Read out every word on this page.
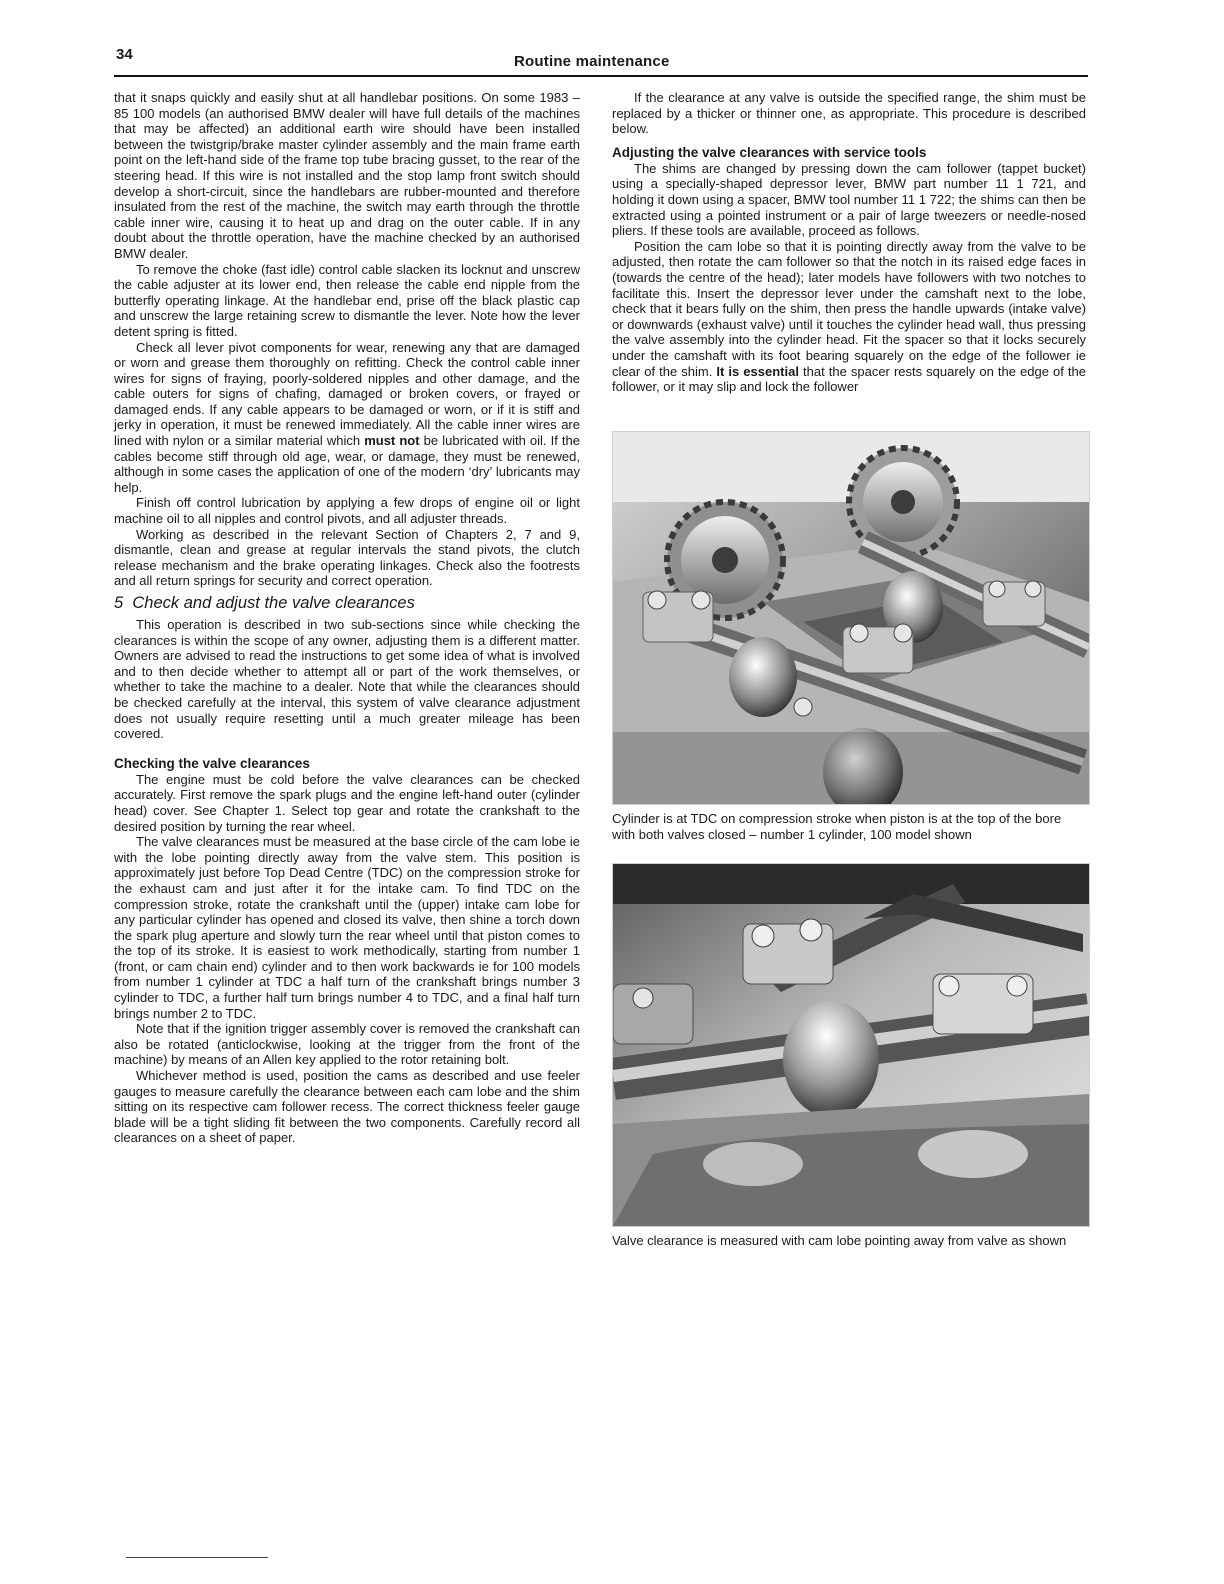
34	Routine maintenance

that it snaps quickly and easily shut at all handlebar positions. On some 1983 – 85 100 models (an authorised BMW dealer will have full details of the machines that may be affected) an additional earth wire should have been installed between the twistgrip/brake master cylinder assembly and the main frame earth point on the left-hand side of the frame top tube bracing gusset, to the rear of the steering head. If this wire is not installed and the stop lamp front switch should develop a short-circuit, since the handlebars are rubber-mounted and therefore insulated from the rest of the machine, the switch may earth through the throttle cable inner wire, causing it to heat up and drag on the outer cable. If in any doubt about the throttle operation, have the machine checked by an authorised BMW dealer.

To remove the choke (fast idle) control cable slacken its locknut and unscrew the cable adjuster at its lower end, then release the cable end nipple from the butterfly operating linkage. At the handlebar end, prise off the black plastic cap and unscrew the large retaining screw to dismantle the lever. Note how the lever detent spring is fitted.

Check all lever pivot components for wear, renewing any that are damaged or worn and grease them thoroughly on refitting. Check the control cable inner wires for signs of fraying, poorly-soldered nipples and other damage, and the cable outers for signs of chafing, damaged or broken covers, or frayed or damaged ends. If any cable appears to be damaged or worn, or if it is stiff and jerky in operation, it must be renewed immediately. All the cable inner wires are lined with nylon or a similar material which must not be lubricated with oil. If the cables become stiff through old age, wear, or damage, they must be renewed, although in some cases the application of one of the modern ‘dry’ lubricants may help.

Finish off control lubrication by applying a few drops of engine oil or light machine oil to all nipples and control pivots, and all adjuster threads.

Working as described in the relevant Section of Chapters 2, 7 and 9, dismantle, clean and grease at regular intervals the stand pivots, the clutch release mechanism and the brake operating linkages. Check also the footrests and all return springs for security and correct operation.

5 Check and adjust the valve clearances

This operation is described in two sub-sections since while checking the clearances is within the scope of any owner, adjusting them is a different matter. Owners are advised to read the instructions to get some idea of what is involved and to then decide whether to attempt all or part of the work themselves, or whether to take the machine to a dealer. Note that while the clearances should be checked carefully at the interval, this system of valve clearance adjustment does not usually require resetting until a much greater mileage has been covered.

Checking the valve clearances

The engine must be cold before the valve clearances can be checked accurately. First remove the spark plugs and the engine left-hand outer (cylinder head) cover. See Chapter 1. Select top gear and rotate the crankshaft to the desired position by turning the rear wheel.

The valve clearances must be measured at the base circle of the cam lobe ie with the lobe pointing directly away from the valve stem. This position is approximately just before Top Dead Centre (TDC) on the compression stroke for the exhaust cam and just after it for the intake cam. To find TDC on the compression stroke, rotate the crankshaft until the (upper) intake cam lobe for any particular cylinder has opened and closed its valve, then shine a torch down the spark plug aperture and slowly turn the rear wheel until that piston comes to the top of its stroke. It is easiest to work methodically, starting from number 1 (front, or cam chain end) cylinder and to then work backwards ie for 100 models from number 1 cylinder at TDC a half turn of the crankshaft brings number 3 cylinder to TDC, a further half turn brings number 4 to TDC, and a final half turn brings number 2 to TDC.

Note that if the ignition trigger assembly cover is removed the crankshaft can also be rotated (anticlockwise, looking at the trigger from the front of the machine) by means of an Allen key applied to the rotor retaining bolt.

Whichever method is used, position the cams as described and use feeler gauges to measure carefully the clearance between each cam lobe and the shim sitting on its respective cam follower recess. The correct thickness feeler gauge blade will be a tight sliding fit between the two components. Carefully record all clearances on a sheet of paper.

If the clearance at any valve is outside the specified range, the shim must be replaced by a thicker or thinner one, as appropriate. This procedure is described below.

Adjusting the valve clearances with service tools

The shims are changed by pressing down the cam follower (tappet bucket) using a specially-shaped depressor lever, BMW part number 11 1 721, and holding it down using a spacer, BMW tool number 11 1 722; the shims can then be extracted using a pointed instrument or a pair of large tweezers or needle-nosed pliers. If these tools are available, proceed as follows.

Position the cam lobe so that it is pointing directly away from the valve to be adjusted, then rotate the cam follower so that the notch in its raised edge faces in (towards the centre of the head); later models have followers with two notches to facilitate this. Insert the depressor lever under the camshaft next to the lobe, check that it bears fully on the shim, then press the handle upwards (intake valve) or downwards (exhaust valve) until it touches the cylinder head wall, thus pressing the valve assembly into the cylinder head. Fit the spacer so that it locks securely under the camshaft with its foot bearing squarely on the edge of the follower ie clear of the shim. It is essential that the spacer rests squarely on the edge of the follower, or it may slip and lock the follower

Cylinder is at TDC on compression stroke when piston is at the top of the bore with both valves closed – number 1 cylinder, 100 model shown

Valve clearance is measured with cam lobe pointing away from valve as shown
